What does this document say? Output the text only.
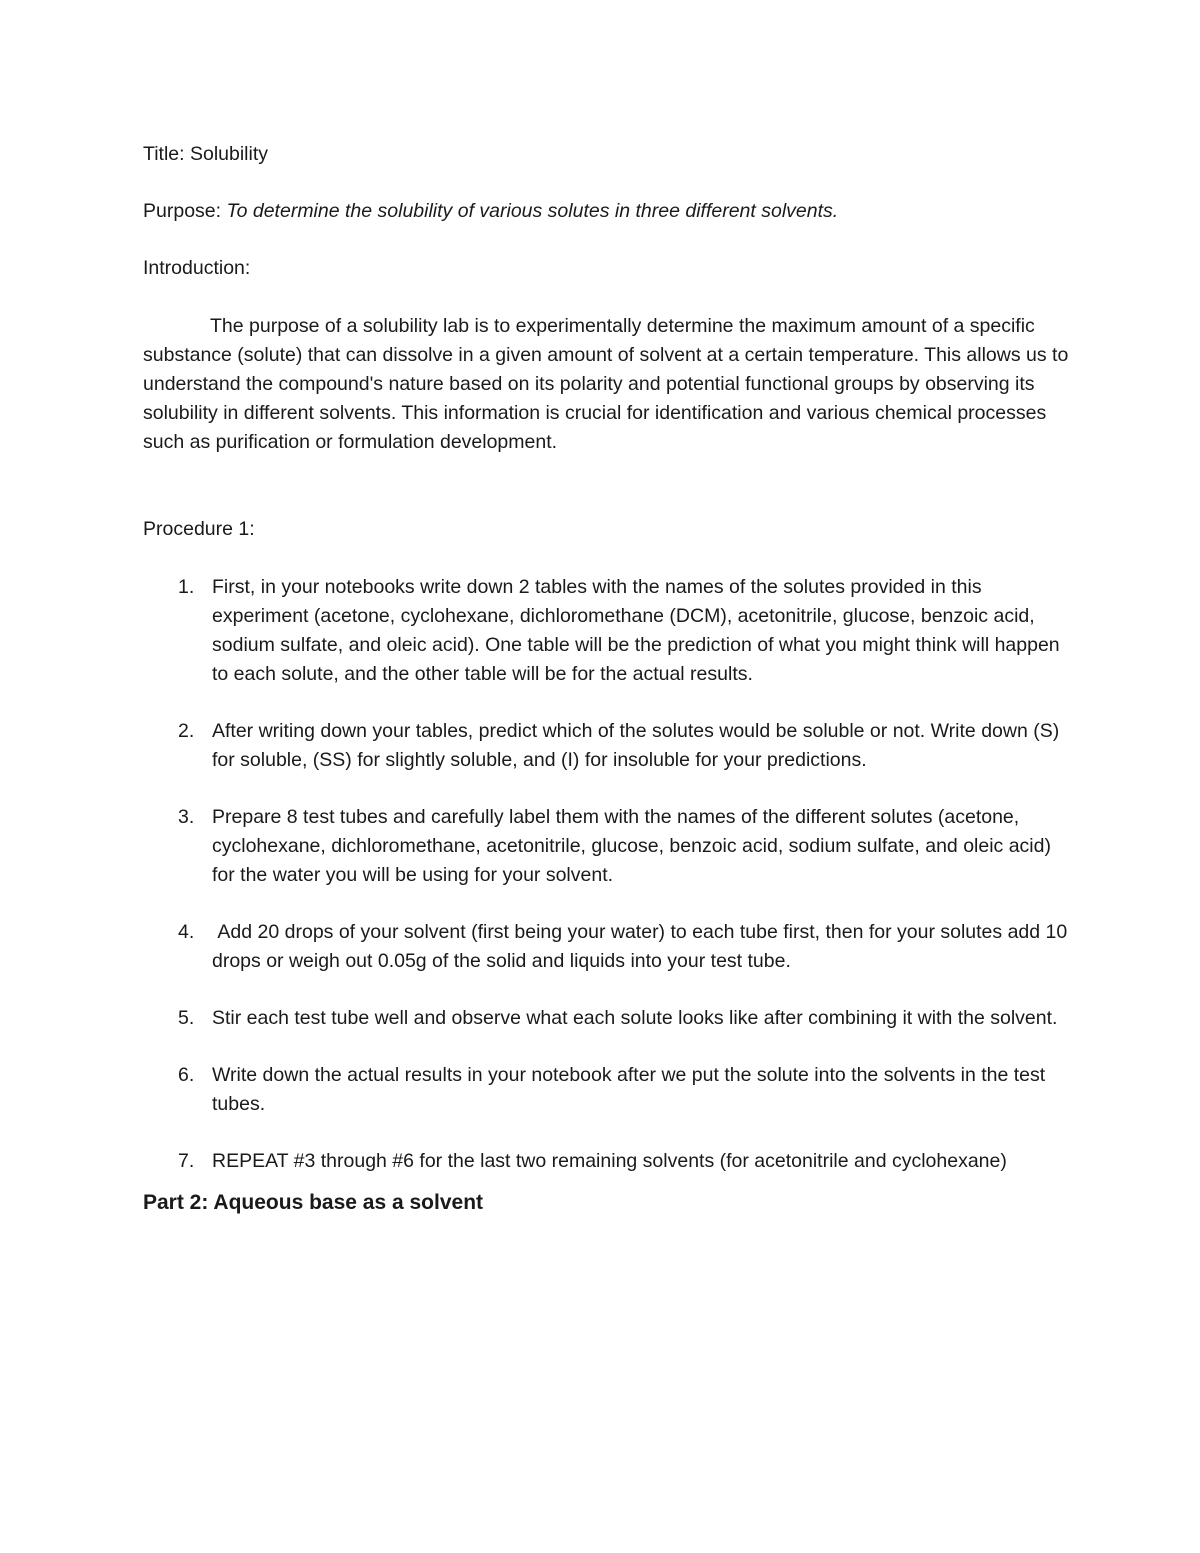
Title: Solubility

Purpose: To determine the solubility of various solutes in three different solvents.

Introduction:

The purpose of a solubility lab is to experimentally determine the maximum amount of a specific substance (solute) that can dissolve in a given amount of solvent at a certain temperature. This allows us to understand the compound's nature based on its polarity and potential functional groups by observing its solubility in different solvents. This information is crucial for identification and various chemical processes such as purification or formulation development.

Procedure 1:

1. First, in your notebooks write down 2 tables with the names of the solutes provided in this experiment (acetone, cyclohexane, dichloromethane (DCM), acetonitrile, glucose, benzoic acid, sodium sulfate, and oleic acid). One table will be the prediction of what you might think will happen to each solute, and the other table will be for the actual results.
2. After writing down your tables, predict which of the solutes would be soluble or not. Write down (S) for soluble, (SS) for slightly soluble, and (I) for insoluble for your predictions.
3. Prepare 8 test tubes and carefully label them with the names of the different solutes (acetone, cyclohexane, dichloromethane, acetonitrile, glucose, benzoic acid, sodium sulfate, and oleic acid) for the water you will be using for your solvent.
4. Add 20 drops of your solvent (first being your water) to each tube first, then for your solutes add 10 drops or weigh out 0.05g of the solid and liquids into your test tube.
5. Stir each test tube well and observe what each solute looks like after combining it with the solvent.
6. Write down the actual results in your notebook after we put the solute into the solvents in the test tubes.
7. REPEAT #3 through #6 for the last two remaining solvents (for acetonitrile and cyclohexane)

Part 2: Aqueous base as a solvent
